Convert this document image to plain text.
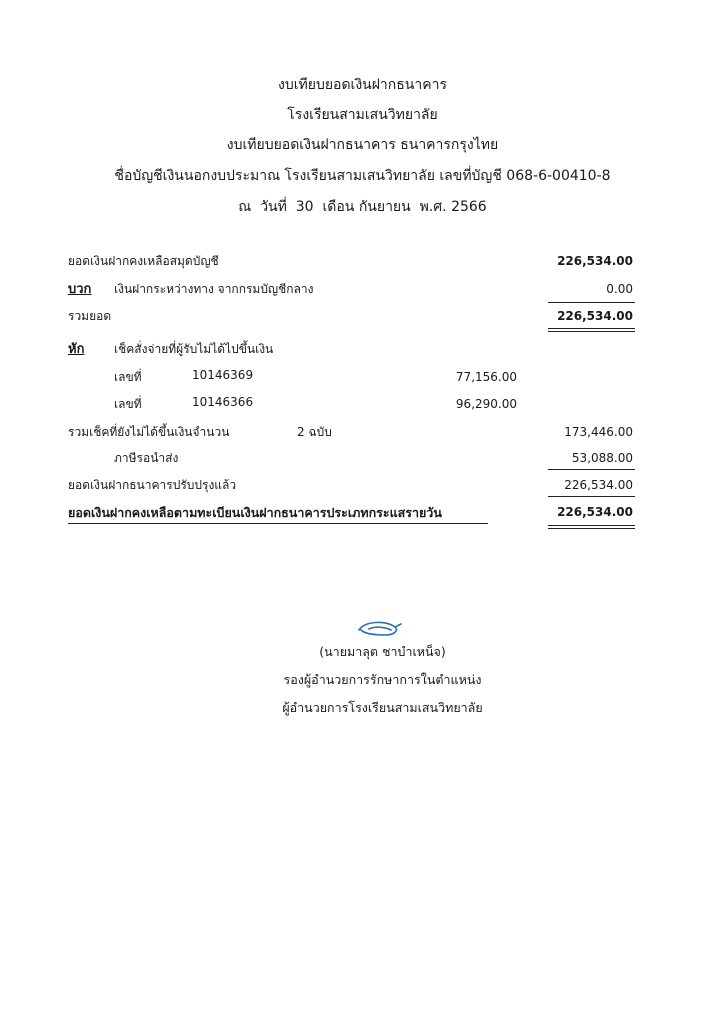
งบเทียบยอดเงินฝากธนาคาร
โรงเรียนสามเสนวิทยาลัย
งบเทียบยอดเงินฝากธนาคาร ธนาคารกรุงไทย
ชื่อบัญชีเงินนอกงบประมาณ โรงเรียนสามเสนวิทยาลัย เลขที่บัญชี 068-6-00410-8
ณ วันที่ 30 เดือน กันยายน พ.ศ. 2566
ยอดเงินฝากคงเหลือสมุดบัญชี	226,534.00
บวก เงินฝากระหว่างทาง จากกรมบัญชีกลาง	0.00
รวมยอด	226,534.00
หัก เช็คสั่งจ่ายที่ผู้รับไม่ได้ไปขึ้นเงิน
เลขที่	10146369	77,156.00
เลขที่	10146366	96,290.00
รวมเช็คที่ยังไม่ได้ขึ้นเงินจำนวน	2 ฉบับ	173,446.00
ภาษีรอนำส่ง	53,088.00
ยอดเงินฝากธนาคารปรับปรุงแล้ว	226,534.00
ยอดเงินฝากคงเหลือตามทะเบียนเงินฝากธนาคารประเภทกระแสรายวัน	226,534.00
(นายมาลุต ชาบำเหน็จ)
รองผู้อำนวยการรักษาการในตำแหน่ง
ผู้อำนวยการโรงเรียนสามเสนวิทยาลัย
